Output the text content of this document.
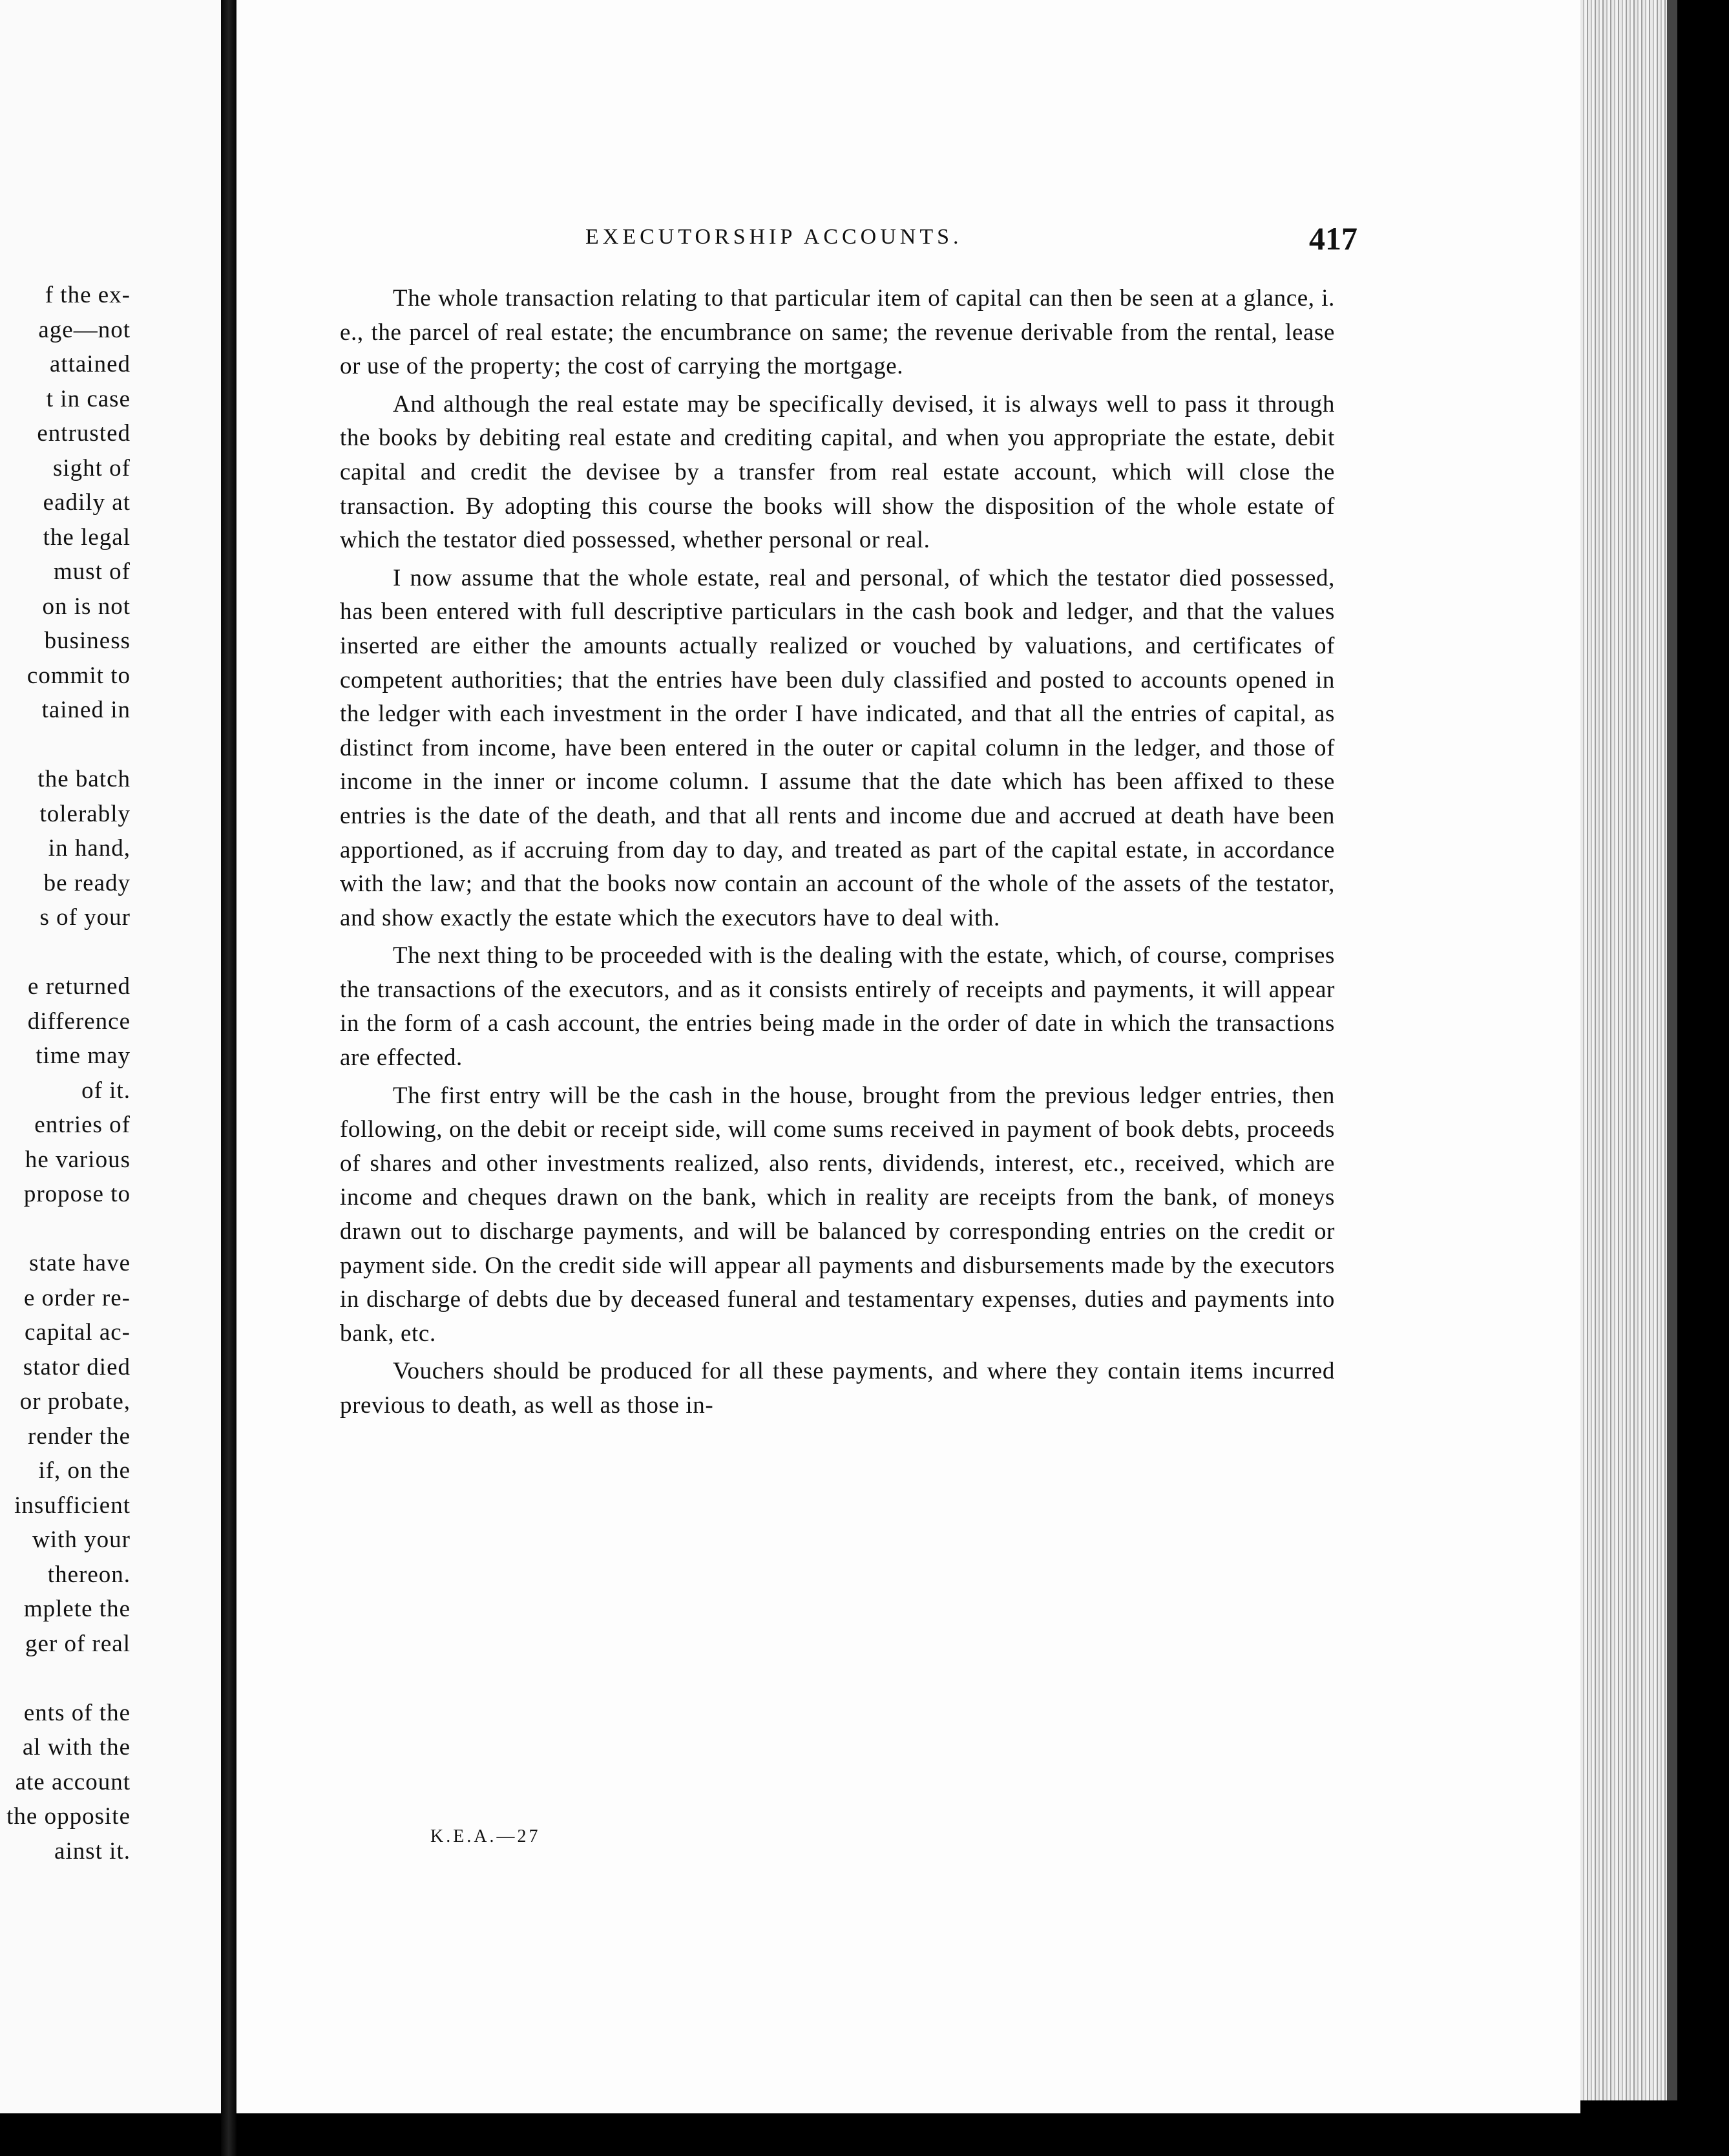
f the ex-
age—not
attained
t in case
entrusted
sight of
eadily at
the legal
must of
on is not
business
commit to
tained in
the batch
tolerably
in hand,
be ready
s of your
e returned
difference
time may
of it.
entries of
he various
propose to
state have
e order re-
capital ac-
stator died
or probate,
render the
if, on the
insufficient
with your
thereon.
mplete the
ger of real
ents of the
al with the
ate account
the opposite
ainst it.
EXECUTORSHIP ACCOUNTS.	417

The whole transaction relating to that particular item of capital can then be seen at a glance, i. e., the parcel of real estate; the encumbrance on same; the revenue derivable from the rental, lease or use of the property; the cost of carrying the mortgage.

And although the real estate may be specifically devised, it is always well to pass it through the books by debiting real estate and crediting capital, and when you appropriate the estate, debit capital and credit the devisee by a transfer from real estate account, which will close the transaction. By adopting this course the books will show the disposition of the whole estate of which the testator died possessed, whether personal or real.

I now assume that the whole estate, real and personal, of which the testator died possessed, has been entered with full descriptive particulars in the cash book and ledger, and that the values inserted are either the amounts actually realized or vouched by valuations, and certificates of competent authorities; that the entries have been duly classified and posted to accounts opened in the ledger with each investment in the order I have indicated, and that all the entries of capital, as distinct from income, have been entered in the outer or capital column in the ledger, and those of income in the inner or income column. I assume that the date which has been affixed to these entries is the date of the death, and that all rents and income due and accrued at death have been apportioned, as if accruing from day to day, and treated as part of the capital estate, in accordance with the law; and that the books now contain an account of the whole of the assets of the testator, and show exactly the estate which the executors have to deal with.

The next thing to be proceeded with is the dealing with the estate, which, of course, comprises the transactions of the executors, and as it consists entirely of receipts and payments, it will appear in the form of a cash account, the entries being made in the order of date in which the transactions are effected.

The first entry will be the cash in the house, brought from the previous ledger entries, then following, on the debit or receipt side, will come sums received in payment of book debts, proceeds of shares and other investments realized, also rents, dividends, interest, etc., received, which are income and cheques drawn on the bank, which in reality are receipts from the bank, of moneys drawn out to discharge payments, and will be balanced by corresponding entries on the credit or payment side. On the credit side will appear all payments and disbursements made by the executors in discharge of debts due by deceased funeral and testamentary expenses, duties and payments into bank, etc.

Vouchers should be produced for all these payments, and where they contain items incurred previous to death, as well as those in-

K.E.A.—27
